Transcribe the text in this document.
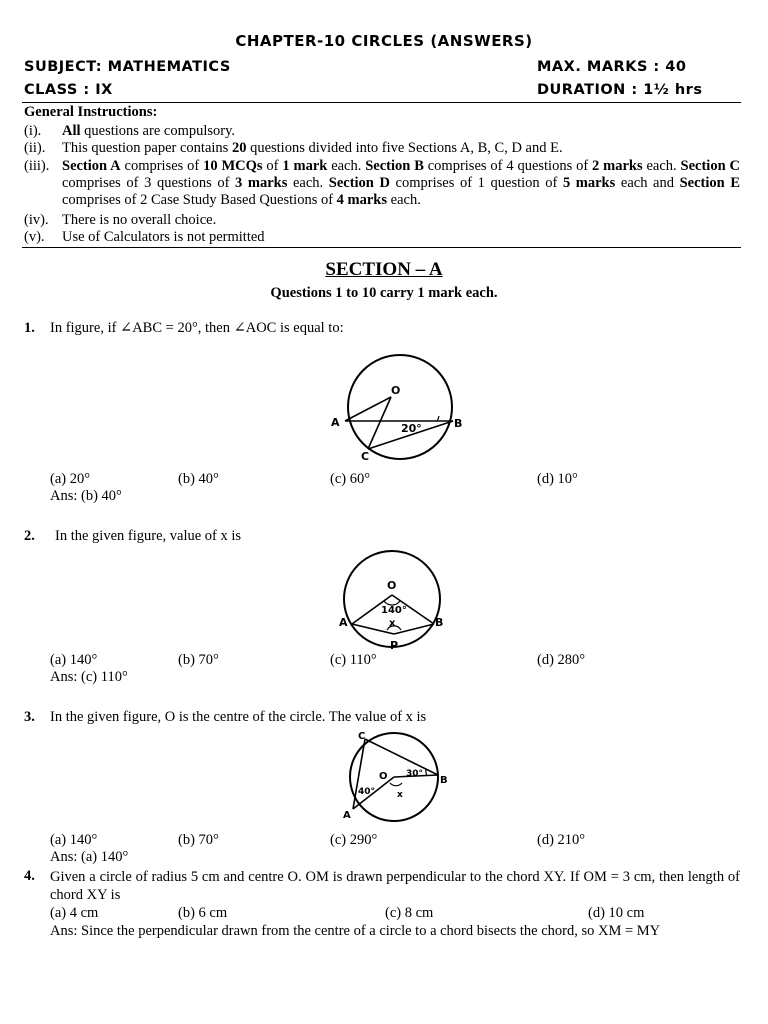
CHAPTER-10 CIRCLES (ANSWERS)
SUBJECT: MATHEMATICS	MAX. MARKS : 40
CLASS : IX	DURATION : 1½ hrs
General Instructions:
(i). All questions are compulsory.
(ii). This question paper contains 20 questions divided into five Sections A, B, C, D and E.
(iii). Section A comprises of 10 MCQs of 1 mark each. Section B comprises of 4 questions of 2 marks each. Section C comprises of 3 questions of 3 marks each. Section D comprises of 1 question of 5 marks each and Section E comprises of 2 Case Study Based Questions of 4 marks each.
(iv). There is no overall choice.
(v). Use of Calculators is not permitted
SECTION – A
Questions 1 to 10 carry 1 mark each.
1. In figure, if ∠ABC = 20°, then ∠AOC is equal to:
O
A	B
C
20°
(a) 20°	(b) 40°	(c) 60°	(d) 10°
Ans: (b) 40°
2. In the given figure, value of x is
O
140°
x
A	B
P
(a) 140°	(b) 70°	(c) 110°	(d) 280°
Ans: (c) 110°
3. In the given figure, O is the centre of the circle. The value of x is
C
O 30°
B
40° x
A
(a) 140°	(b) 70°	(c) 290°	(d) 210°
Ans: (a) 140°
4. Given a circle of radius 5 cm and centre O. OM is drawn perpendicular to the chord XY. If OM = 3 cm, then length of chord XY is
(a) 4 cm	(b) 6 cm	(c) 8 cm	(d) 10 cm
Ans: Since the perpendicular drawn from the centre of a circle to a chord bisects the chord, so XM = MY
